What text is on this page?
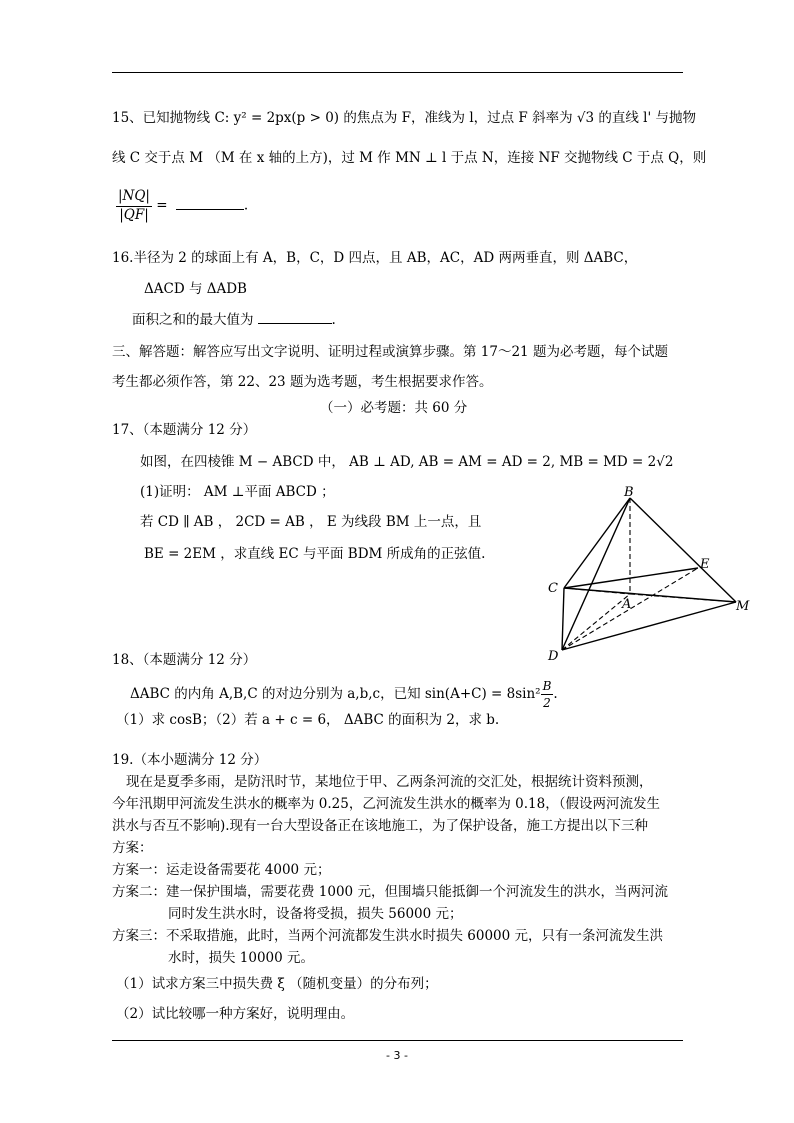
15、已知抛物线 C: y² = 2px(p > 0) 的焦点为 F，准线为 l，过点 F 斜率为 √3 的直线 l' 与抛物
线 C 交于点 M （M 在 x 轴的上方)，过 M 作 MN ⊥ l 于点 N，连接 NF 交抛物线 C 于点 Q，则
$\frac{|NQ|}{|QF|}$ =	.
16.半径为 2 的球面上有 A，B，C，D 四点，且 AB，AC，AD 两两垂直，则 ΔABC，
ΔACD 与 ΔADB
面积之和的最大值为	.
三、解答题：解答应写出文字说明、证明过程或演算步骤。第 17～21 题为必考题，每个试题
考生都必须作答，第 22、23 题为选考题，考生根据要求作答。
（一）必考题：共 60 分
17、（本题满分 12 分）
如图，在四棱锥 M − ABCD 中， AB ⊥ AD, AB = AM = AD = 2, MB = MD = 2√2
(1)证明： AM ⊥平面 ABCD ；
若 CD ∥ AB ， 2CD = AB ， E 为线段 BM 上一点，且
BE = 2EM ，求直线 EC 与平面 BDM 所成角的正弦值.
B
E
C
A	M
D
18、（本题满分 12 分）
ΔABC 的内角 A,B,C 的对边分别为 a,b,c，已知 $\sin(A+C) = 8\sin^2 \frac{B}{2}$ .
（1）求 cosB；（2）若 a + c = 6， ΔABC 的面积为 2，求 b.
19.（本小题满分 12 分）
现在是夏季多雨，是防汛时节，某地位于甲、乙两条河流的交汇处，根据统计资料预测，
今年汛期甲河流发生洪水的概率为 0.25，乙河流发生洪水的概率为 0.18，（假设两河流发生
洪水与否互不影响).现有一台大型设备正在该地施工，为了保护设备，施工方提出以下三种
方案：
方案一：运走设备需要花 4000 元；
方案二：建一保护围墙，需要花费 1000 元，但围墙只能抵御一个河流发生的洪水，当两河流
同时发生洪水时，设备将受损，损失 56000 元；
方案三：不采取措施，此时，当两个河流都发生洪水时损失 60000 元，只有一条河流发生洪
水时，损失 10000 元。
（1）试求方案三中损失费 ξ （随机变量）的分布列；
（2）试比较哪一种方案好，说明理由。
- 3 -
